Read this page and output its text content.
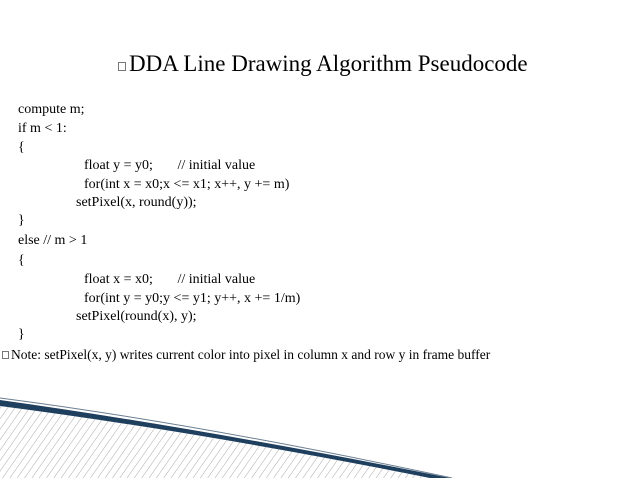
DDA Line Drawing Algorithm Pseudocode
compute m;
if m < 1:
{
float y = y0;       // initial value
for(int x = x0;x <= x1; x++, y += m)
setPixel(x, round(y));
}
else // m > 1
{
float x = x0;       // initial value
for(int y = y0;y <= y1; y++, x += 1/m)
setPixel(round(x), y);
}
Note: setPixel(x, y) writes current color into pixel in column x and row y in frame buffer
